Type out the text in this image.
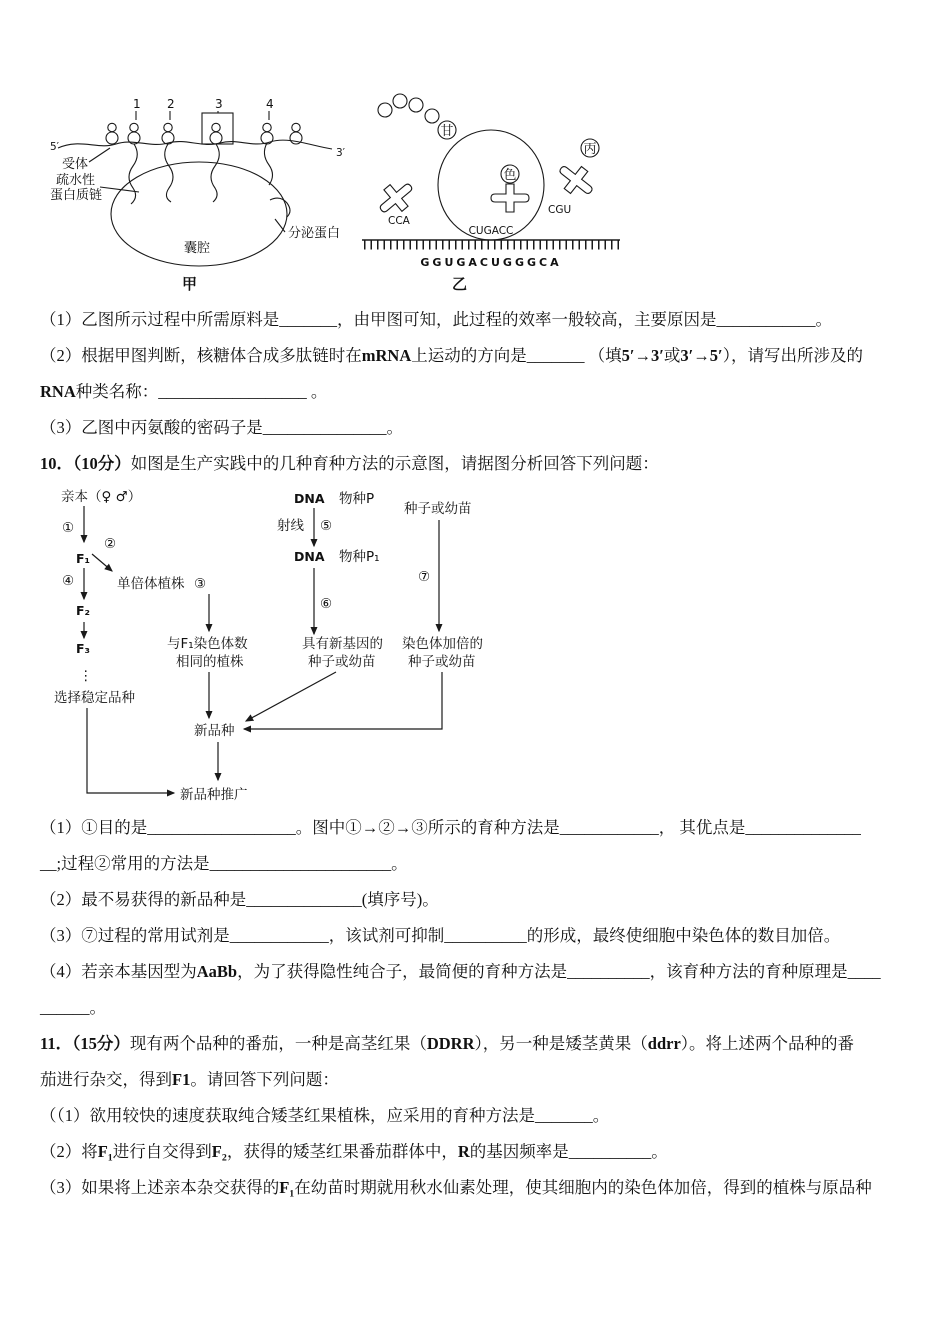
1 2	3	4
5′	3′
受体
疏水性
蛋白质链
囊腔
分泌蛋白
甲
甘
色
丙
CCA
CGU
CUGACC
GGUGACUGGGCA
乙

（1）乙图所示过程中所需原料是_______，由甲图可知，此过程的效率一般较高，主要原因是____________。

（2）根据甲图判断，核糖体合成多肽链时在mRNA上运动的方向是_______ （填5′→3′或3′→5′），请写出所涉及的

RNA种类名称：__________________ 。

（3）乙图中丙氨酸的密码子是_______________。

10．（10分）如图是生产实践中的几种育种方法的示意图，请据图分析回答下列问题：

亲本（♀ ♂）
①
F₁
②
④
F₂
F₃
⋮
选择稳定品种
单倍体植株 ③
与F₁染色体数
相同的植株
DNA 物种P
射线 ⑤
DNA 物种P₁
⑥
具有新基因的
种子或幼苗
种子或幼苗
⑦
染色体加倍的
种子或幼苗
新品种
新品种推广

（1）①目的是__________________。图中①→②→③所示的育种方法是____________， 其优点是______________

__;过程②常用的方法是______________________。

（2）最不易获得的新品种是______________(填序号)。

（3）⑦过程的常用试剂是____________，该试剂可抑制__________的形成，最终使细胞中染色体的数目加倍。

（4）若亲本基因型为AaBb，为了获得隐性纯合子，最简便的育种方法是__________，该育种方法的育种原理是____

______。

11．（15分）现有两个品种的番茄，一种是高茎红果（DDRR），另一种是矮茎黄果（ddrr）。将上述两个品种的番

茄进行杂交，得到F1。请回答下列问题：

（（1）欲用较快的速度获取纯合矮茎红果植株，应采用的育种方法是_______。

（2）将F₁进行自交得到F₂，获得的矮茎红果番茄群体中，R的基因频率是__________。

（3）如果将上述亲本杂交获得的F₁在幼苗时期就用秋水仙素处理，使其细胞内的染色体加倍，得到的植株与原品种
